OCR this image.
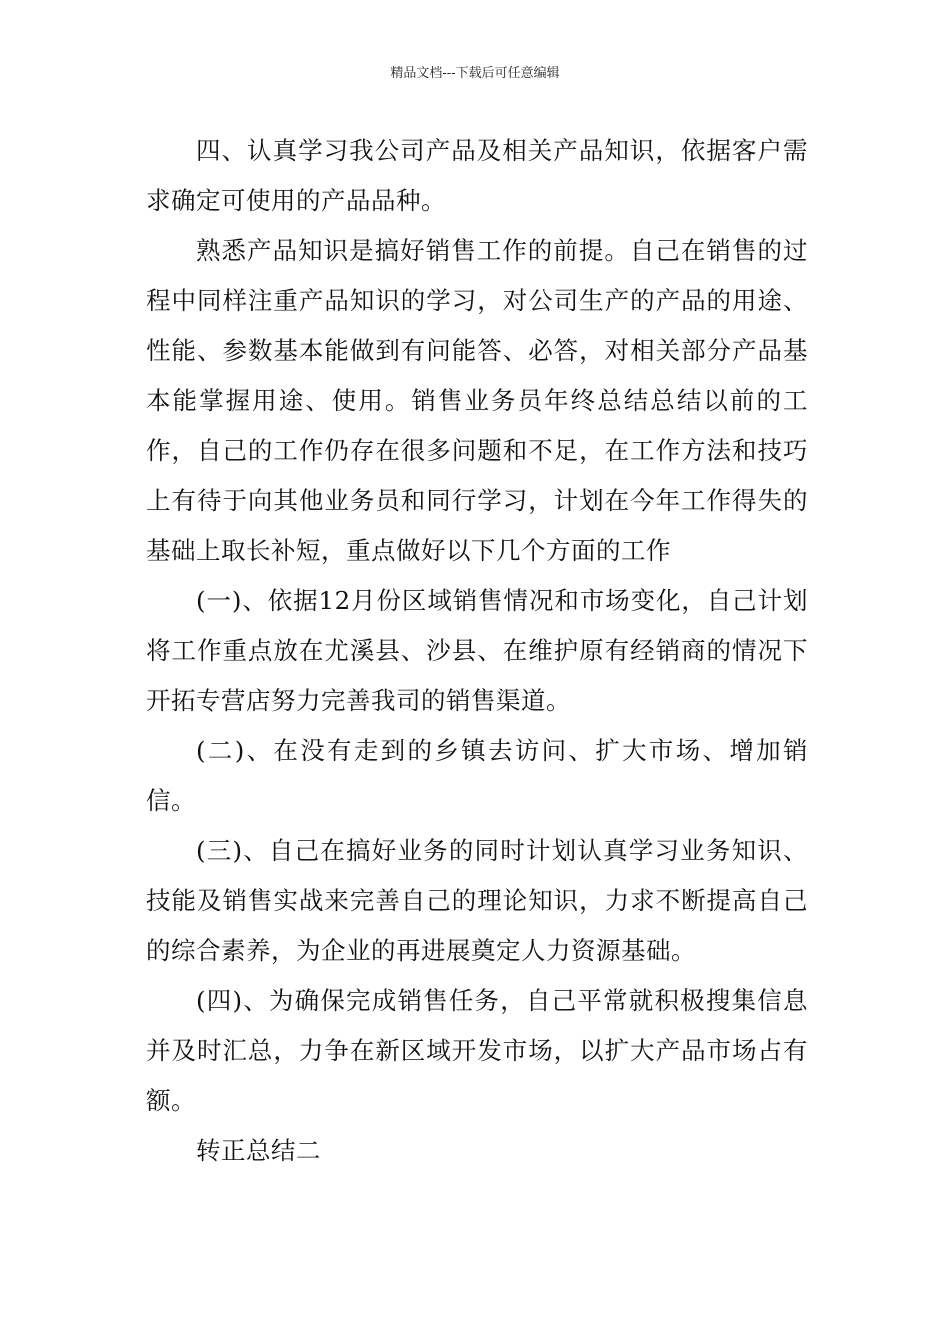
精品文档---下载后可任意编辑

四、认真学习我公司产品及相关产品知识，依据客户需求确定可使用的产品品种。

熟悉产品知识是搞好销售工作的前提。自己在销售的过程中同样注重产品知识的学习，对公司生产的产品的用途、性能、参数基本能做到有问能答、必答，对相关部分产品基本能掌握用途、使用。销售业务员年终总结总结以前的工作，自己的工作仍存在很多问题和不足，在工作方法和技巧上有待于向其他业务员和同行学习，计划在今年工作得失的基础上取长补短，重点做好以下几个方面的工作

(一)、依据12月份区域销售情况和市场变化，自己计划将工作重点放在尤溪县、沙县、在维护原有经销商的情况下开拓专营店努力完善我司的销售渠道。

(二)、在没有走到的乡镇去访问、扩大市场、增加销信。

(三)、自己在搞好业务的同时计划认真学习业务知识、技能及销售实战来完善自己的理论知识，力求不断提高自己的综合素养，为企业的再进展奠定人力资源基础。

(四)、为确保完成销售任务，自己平常就积极搜集信息并及时汇总，力争在新区域开发市场，以扩大产品市场占有额。

转正总结二
